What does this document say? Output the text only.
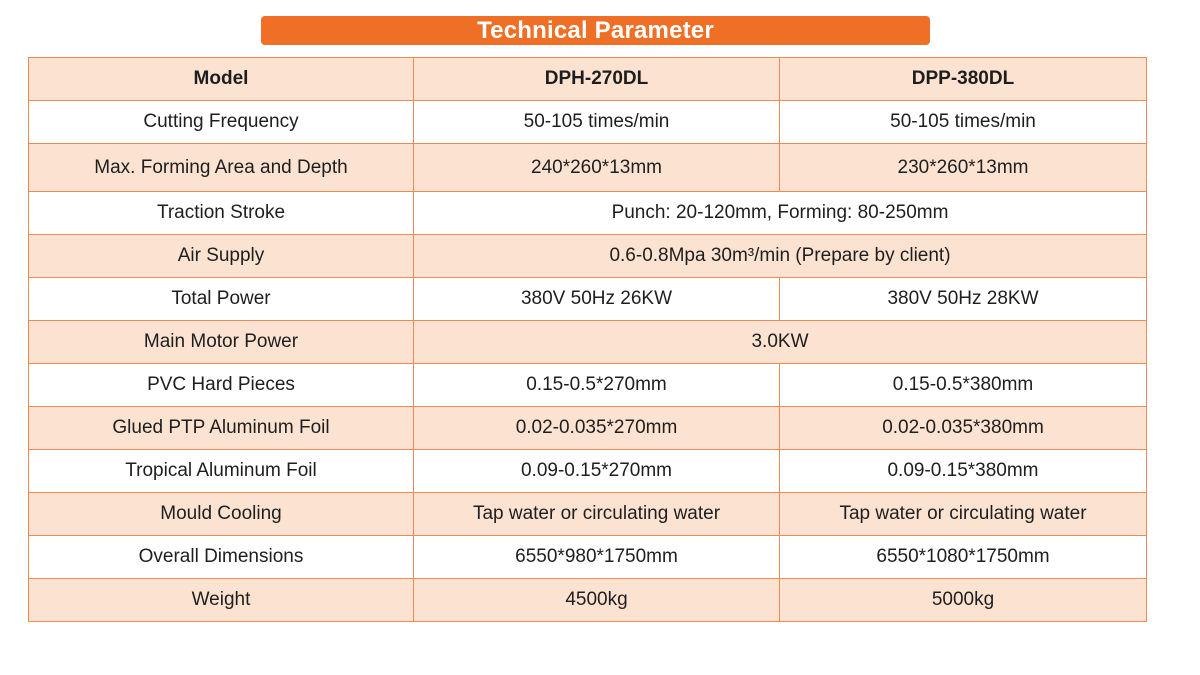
Technical Parameter
Model	DPH-270DL	DPP-380DL
Cutting Frequency	50-105 times/min	50-105 times/min
Max. Forming Area and Depth	240*260*13mm	230*260*13mm
Traction Stroke	Punch: 20-120mm, Forming: 80-250mm	
Air Supply	0.6-0.8Mpa 30m³/min (Prepare by client)	
Total Power	380V 50Hz 26KW	380V 50Hz 28KW
Main Motor Power	3.0KW	
PVC Hard Pieces	0.15-0.5*270mm	0.15-0.5*380mm
Glued PTP Aluminum Foil	0.02-0.035*270mm	0.02-0.035*380mm
Tropical Aluminum Foil	0.09-0.15*270mm	0.09-0.15*380mm
Mould Cooling	Tap water or circulating water	Tap water or circulating water
Overall Dimensions	6550*980*1750mm	6550*1080*1750mm
Weight	4500kg	5000kg
